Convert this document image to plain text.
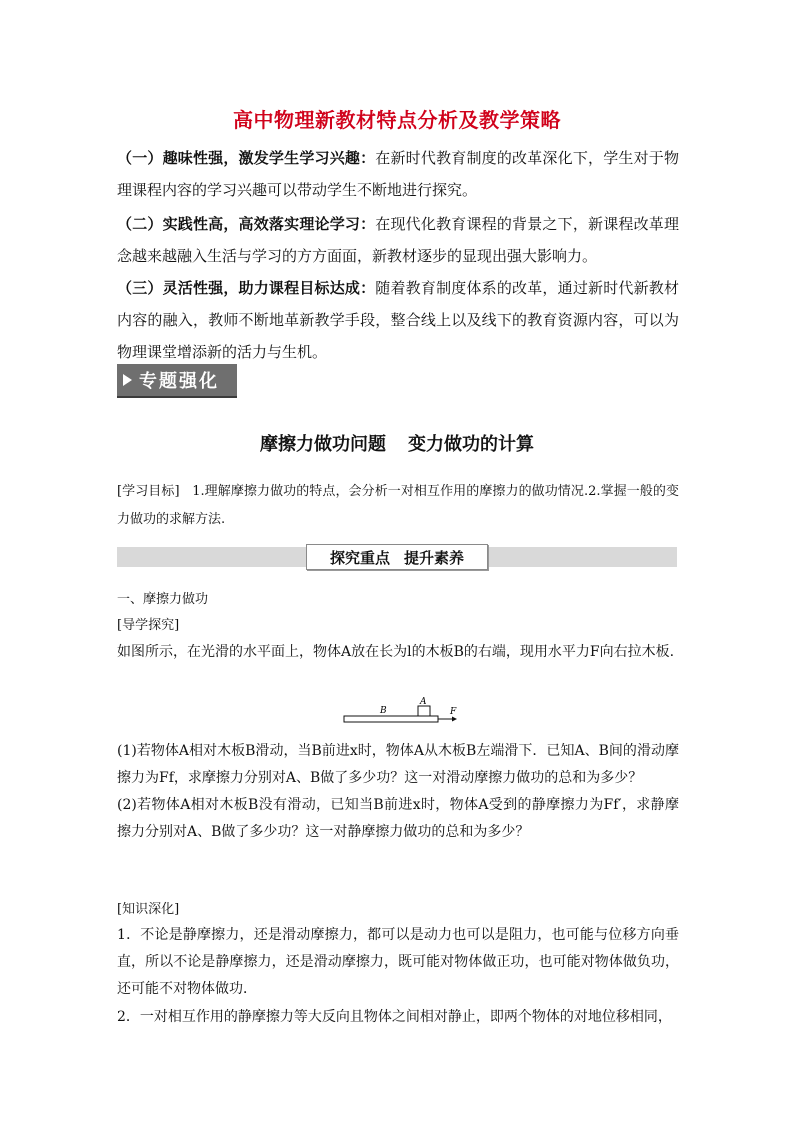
高中物理新教材特点分析及教学策略
（一）趣味性强，激发学生学习兴趣：在新时代教育制度的改革深化下，学生对于物理课程内容的学习兴趣可以带动学生不断地进行探究。
（二）实践性高，高效落实理论学习：在现代化教育课程的背景之下，新课程改革理念越来越融入生活与学习的方方面面，新教材逐步的显现出强大影响力。
（三）灵活性强，助力课程目标达成：随着教育制度体系的改革，通过新时代新教材内容的融入，教师不断地革新教学手段，整合线上以及线下的教育资源内容，可以为物理课堂增添新的活力与生机。
专题强化
摩擦力做功问题 变力做功的计算
[学习目标] 1.理解摩擦力做功的特点，会分析一对相互作用的摩擦力的做功情况.2.掌握一般的变力做功的求解方法.
探究重点 提升素养
一、摩擦力做功
[导学探究]
如图所示，在光滑的水平面上，物体A放在长为l的木板B的右端，现用水平力F向右拉木板.
B
A
F
(1)若物体A相对木板B滑动，当B前进x时，物体A从木板B左端滑下．已知A、B间的滑动摩擦力为Ff，求摩擦力分别对A、B做了多少功？这一对滑动摩擦力做功的总和为多少？
(2)若物体A相对木板B没有滑动，已知当B前进x时，物体A受到的静摩擦力为Ff′，求静摩擦力分别对A、B做了多少功？这一对静摩擦力做功的总和为多少？
[知识深化]
1．不论是静摩擦力，还是滑动摩擦力，都可以是动力也可以是阻力，也可能与位移方向垂直，所以不论是静摩擦力，还是滑动摩擦力，既可能对物体做正功，也可能对物体做负功，还可能不对物体做功．
2．一对相互作用的静摩擦力等大反向且物体之间相对静止，即两个物体的对地位移相同，
